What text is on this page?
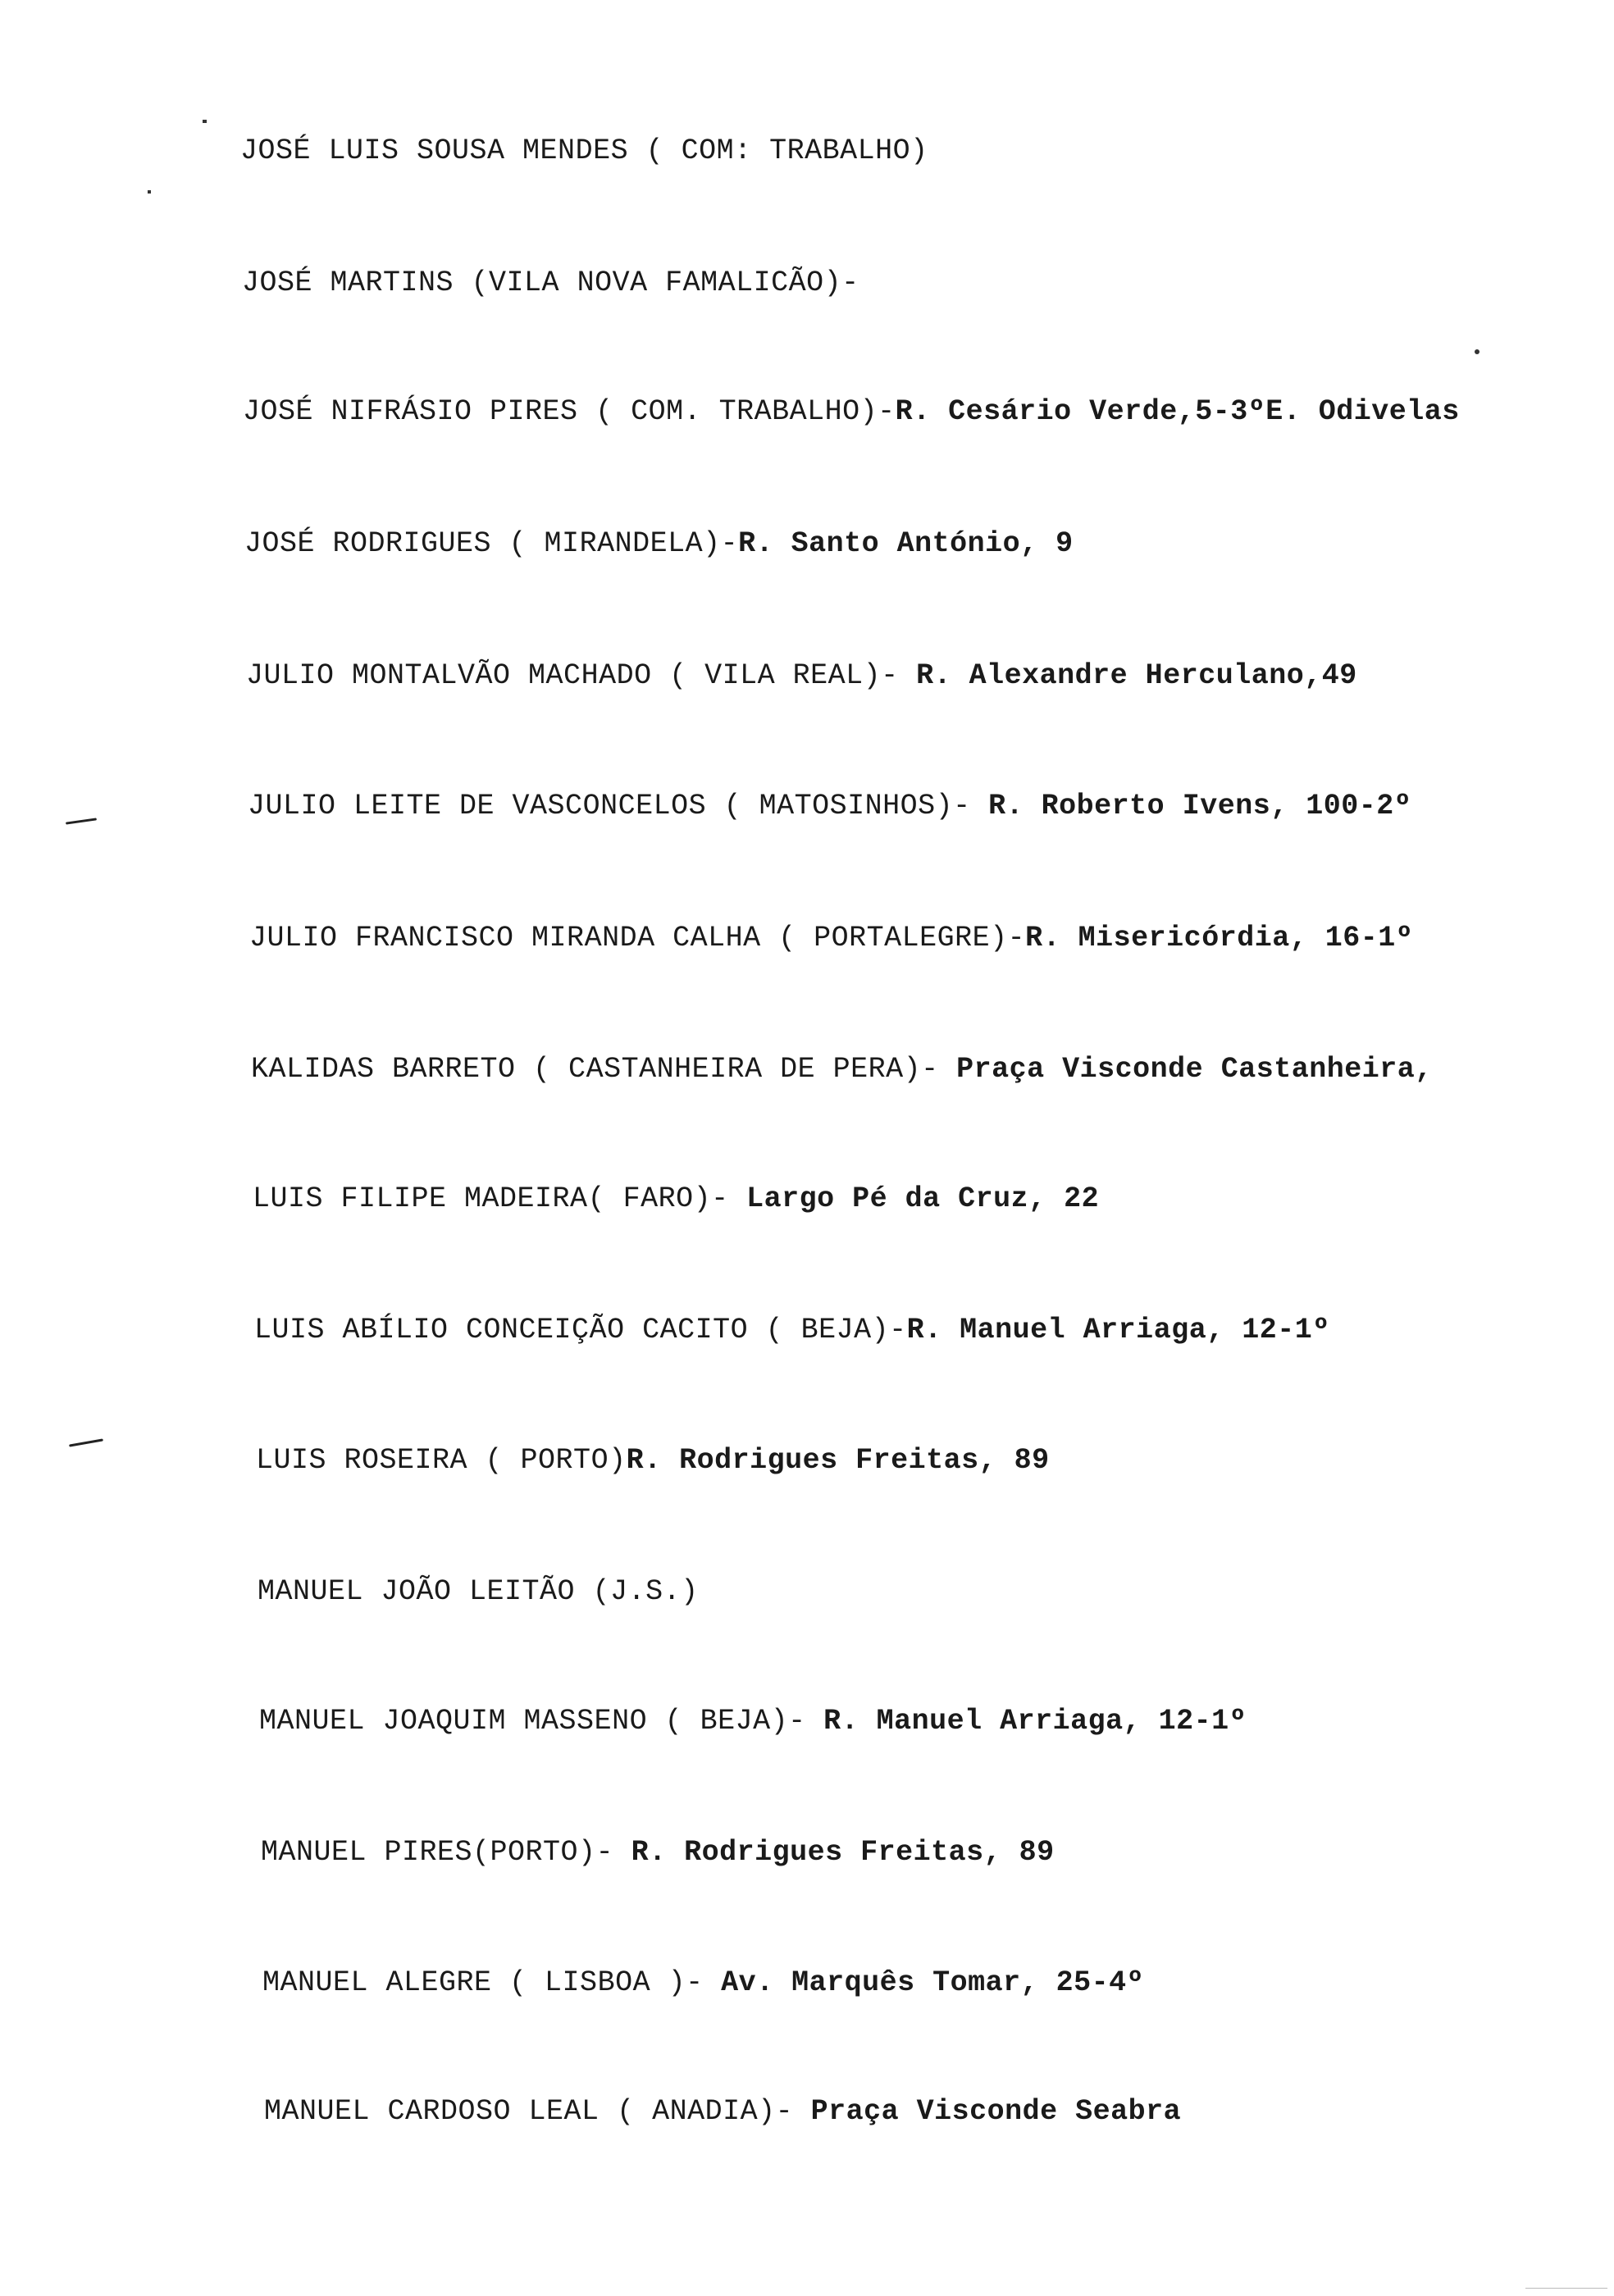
JOSÉ LUIS SOUSA MENDES ( COM: TRABALHO)
JOSÉ MARTINS (VILA NOVA FAMALICÃO)-
JOSÉ NIFRÁSIO PIRES ( COM. TRABALHO)-R. Cesário Verde,5-3ºE. Odivelas
JOSÉ RODRIGUES ( MIRANDELA)-R. Santo António, 9
JULIO MONTALVÃO MACHADO ( VILA REAL)- R. Alexandre Herculano,49
JULIO LEITE DE VASCONCELOS ( MATOSINHOS)- R. Roberto Ivens, 100-2º
JULIO FRANCISCO MIRANDA CALHA ( PORTALEGRE)-R. Misericórdia, 16-1º
KALIDAS BARRETO ( CASTANHEIRA DE PERA)- Praça Visconde Castanheira,
LUIS FILIPE MADEIRA( FARO)- Largo Pé da Cruz, 22
LUIS ABÍLIO CONCEIÇÃO CACITO ( BEJA)-R. Manuel Arriaga, 12-1º
LUIS ROSEIRA ( PORTO)R. Rodrigues Freitas, 89
MANUEL JOÃO LEITÃO (J.S.)
MANUEL JOAQUIM MASSENO ( BEJA)- R. Manuel Arriaga, 12-1º
MANUEL PIRES(PORTO)- R. Rodrigues Freitas, 89
MANUEL ALEGRE ( LISBOA )- Av. Marquês Tomar, 25-4º
MANUEL CARDOSO LEAL ( ANADIA)- Praça Visconde Seabra
